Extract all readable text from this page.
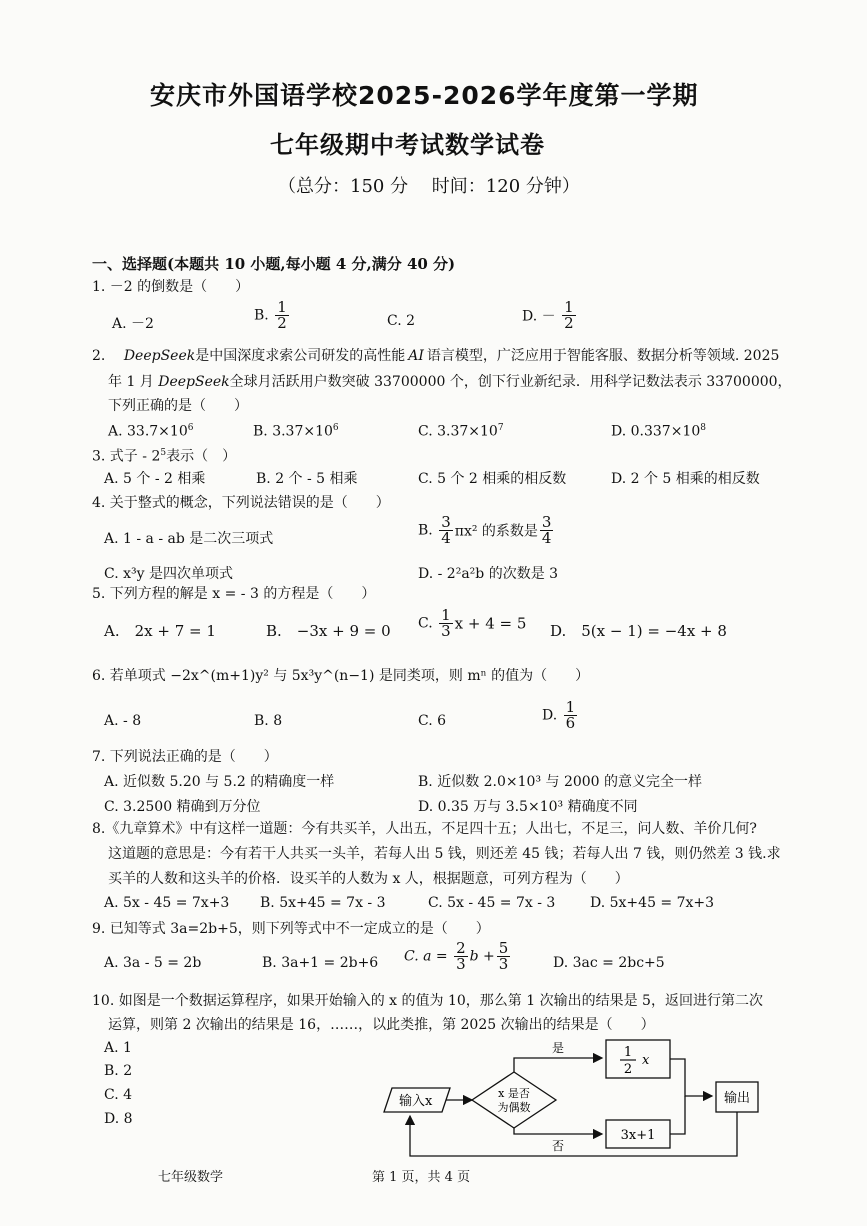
安庆市外国语学校2025-2026学年度第一学期
七年级期中考试数学试卷
（总分：150 分　 时间：120 分钟）
一、选择题(本题共 10 小题,每小题 4 分,满分 40 分)
1. －2 的倒数是（　　）
A. －2
B. $\frac{1}{2}$	C. 2	D. － $\frac{1}{2}$
2. DeepSeek是中国深度求索公司研发的高性能 AI 语言模型，广泛应用于智能客服、数据分析等领域. 2025
年 1 月 DeepSeek全球月活跃用户数突破 33700000 个，创下行业新纪录．用科学记数法表示 33700000，
下列正确的是（　　）
A. $33.7\times 10^6$	B. $3.37\times 10^6$	C. $3.37\times 10^7$	D. $0.337\times 10^8$
3. 式子 - $2^5$表示（　）
A. 5 个 - 2 相乘	B. 2 个 - 5 相乘	C. 5 个 2 相乘的相反数	D. 2 个 5 相乘的相反数
4. 关于整式的概念，下列说法错误的是（　　）
A. 1 - a - ab 是二次三项式
B. $\frac{3}{4} \pi x^2$ 的系数是 $\frac{3}{4}$
C. x³y 是四次单项式	D. - 2²a²b 的次数是 3
5. 下列方程的解是 x = - 3 的方程是（　　）
A.　2x + 7 = 1	B.　−3x + 9 = 0 C. $\frac{1}{3}$ x + 4 = 5 D.　5(x − 1) = −4x + 8
6. 若单项式 −2x^(m+1)y² 与 5x³y^(n−1) 是同类项，则 mⁿ 的值为（　　）
A. - 8	B. 8	C. 6	D. $\frac{1}{6}$
7. 下列说法正确的是（　　）
A. 近似数 5.20 与 5.2 的精确度一样	B. 近似数 2.0×10³ 与 2000 的意义完全一样
C. 3.2500 精确到万分位	D. 0.35 万与 3.5×10³ 精确度不同
8.《九章算术》中有这样一道题：今有共买羊，人出五，不足四十五；人出七，不足三，问人数、羊价几何?
这道题的意思是：今有若干人共买一头羊，若每人出 5 钱，则还差 45 钱；若每人出 7 钱，则仍然差 3 钱.求
买羊的人数和这头羊的价格．设买羊的人数为 x 人，根据题意，可列方程为（　　）
A. 5x - 45 = 7x+3 B. 5x+45 = 7x - 3	C. 5x - 45 = 7x - 3 D. 5x+45 = 7x+3
9. 已知等式 3a=2b+5，则下列等式中不一定成立的是（　　）
A. 3a - 5 = 2b	B. 3a+1 = 2b+6 C. $a = \frac{2}{3}$ $b + \frac{5}{3}$	D. 3ac = 2bc+5
10. 如图是一个数据运算程序，如果开始输入的 x 的值为 10，那么第 1 次输出的结果是 5，返回进行第二次
运算，则第 2 次输出的结果是 16，……，以此类推，第 2025 次输出的结果是（　　）
A. 1
B. 2
C. 4
D. 8
输入x
x 是否
为偶数
是	1
2
x
否
3x+1
输出
七年级数学	第 1 页，共 4 页
